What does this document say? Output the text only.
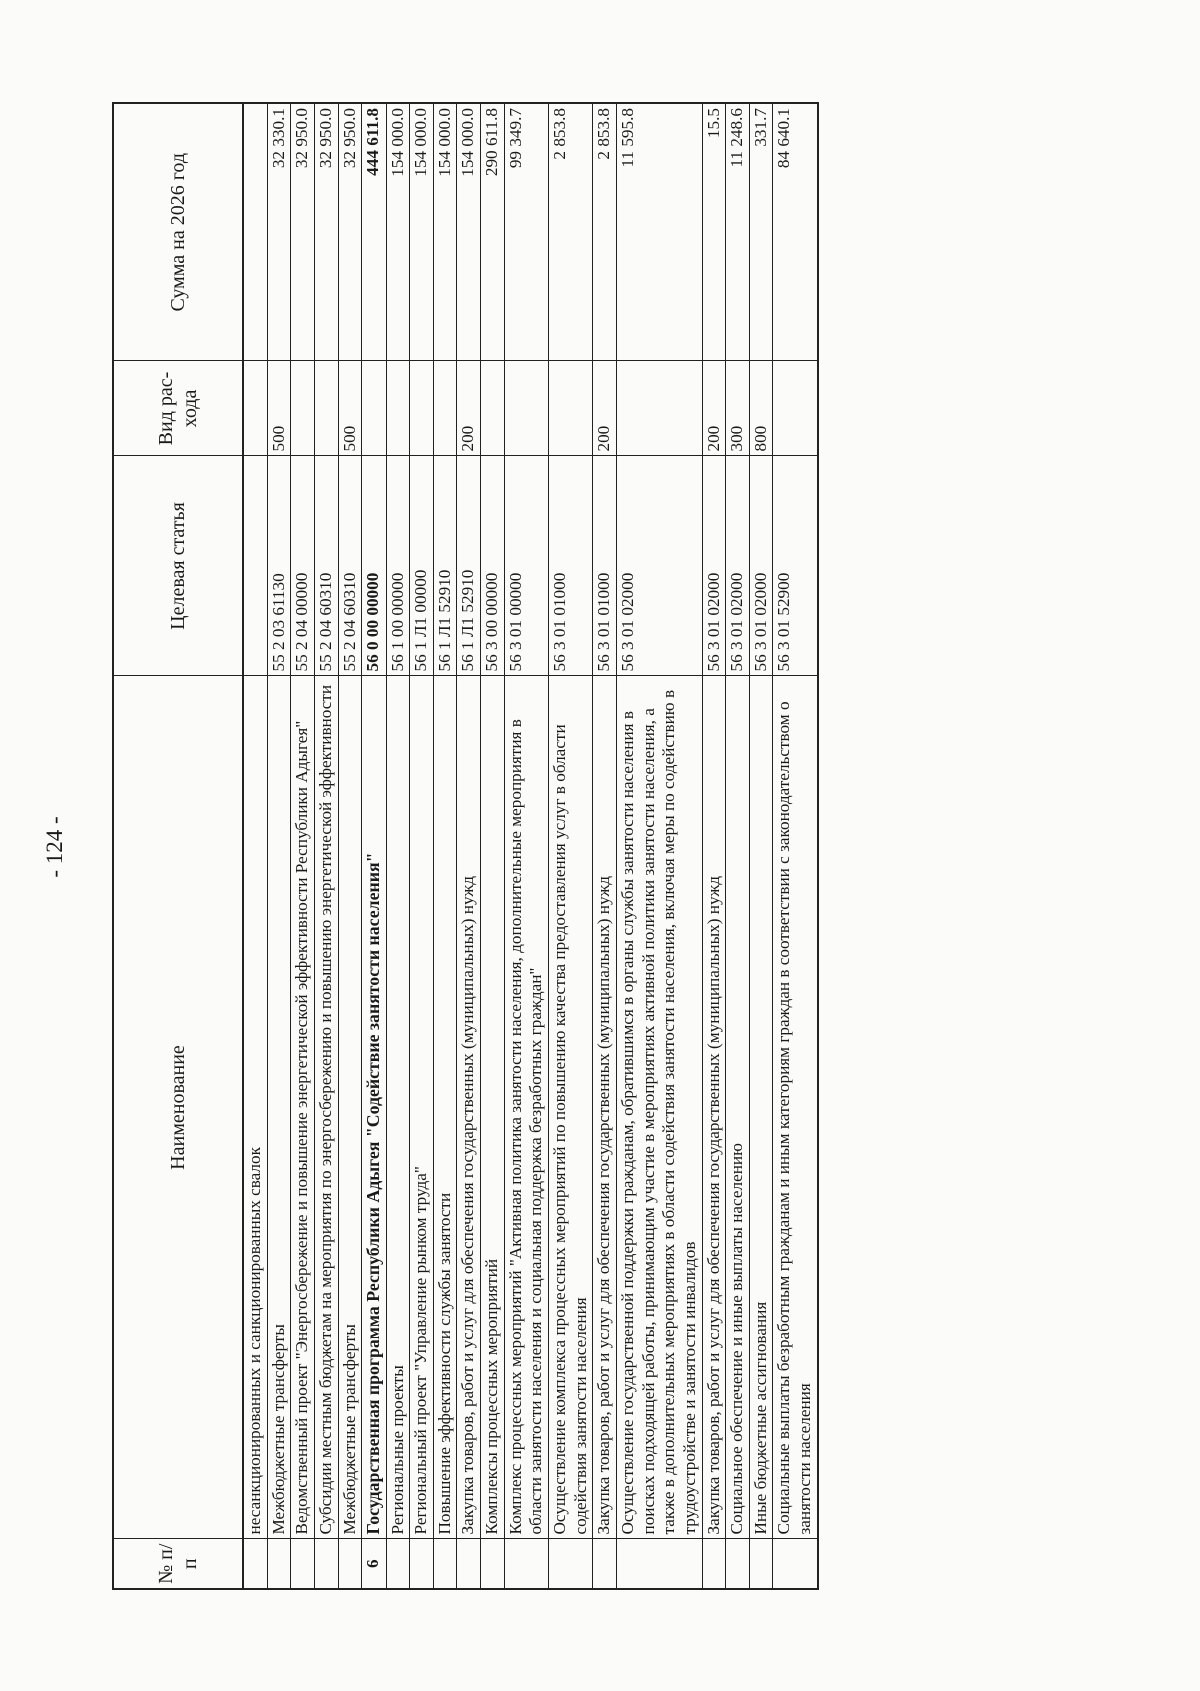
- 124 -
№ п/п	Наименование	Целевая статья	Вид рас-хода	Сумма на 2026 год
	несанкционированных и санкционированных свалок			
	Межбюджетные трансферты	55 2 03 61130	500	32 330.1
	Ведомственный проект "Энергосбережение и повышение энергетической эффективности Республики Адыгея"	55 2 04 00000		32 950.0
	Субсидии местным бюджетам на мероприятия по энергосбережению и повышению энергетической эффективности	55 2 04 60310		32 950.0
	Межбюджетные трансферты	55 2 04 60310	500	32 950.0
6	Государственная программа Республики Адыгея "Содействие занятости населения"	56 0 00 00000		444 611.8
	Региональные проекты	56 1 00 00000		154 000.0
	Региональный проект "Управление рынком труда"	56 1 Л1 00000		154 000.0
	Повышение эффективности службы занятости	56 1 Л1 52910		154 000.0
	Закупка товаров, работ и услуг для обеспечения государственных (муниципальных) нужд	56 1 Л1 52910	200	154 000.0
	Комплексы процессных мероприятий	56 3 00 00000		290 611.8
	Комплекс процессных мероприятий "Активная политика занятости населения, дополнительные мероприятия в области занятости населения и социальная поддержка безработных граждан"	56 3 01 00000		99 349.7
	Осуществление комплекса процессных мероприятий по повышению качества предоставления услуг в области содействия занятости населения	56 3 01 01000		2 853.8
	Закупка товаров, работ и услуг для обеспечения государственных (муниципальных) нужд	56 3 01 01000	200	2 853.8
	Осуществление государственной поддержки гражданам, обратившимся в органы службы занятости населения в поисках подходящей работы, принимающим участие в мероприятиях активной политики занятости населения, а также в дополнительных мероприятиях в области содействия занятости населения, включая меры по содействию в трудоустройстве и занятости инвалидов	56 3 01 02000		11 595.8
	Закупка товаров, работ и услуг для обеспечения государственных (муниципальных) нужд	56 3 01 02000	200	15.5
	Социальное обеспечение и иные выплаты населению	56 3 01 02000	300	11 248.6
	Иные бюджетные ассигнования	56 3 01 02000	800	331.7
	Социальные выплаты безработным гражданам и иным категориям граждан в соответствии с законодательством о занятости населения	56 3 01 52900		84 640.1
